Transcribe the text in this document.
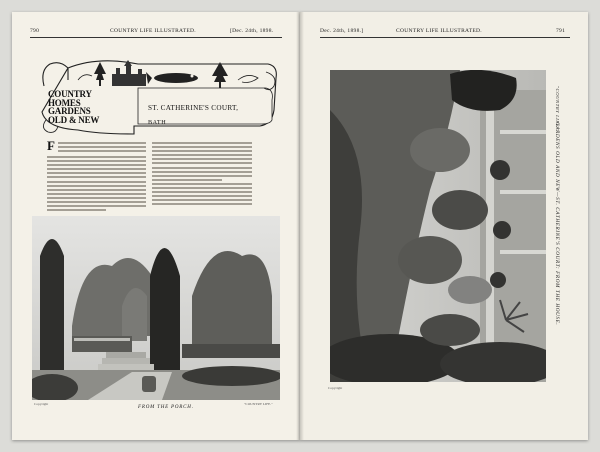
790	COUNTRY LIFE ILLUSTRATED.	[Dec. 24th, 1898.
COUNTRY
HOMES
GARDENS
OLD & NEW
ST. CATHERINE'S COURT,
BATH
F
Copyright
FROM THE PORCH.
"COUNTRY LIFE."
Dec. 24th, 1898.]	COUNTRY LIFE ILLUSTRATED.	791
Copyright
"COUNTRY LIFE."
GARDENS OLD AND NEW—ST. CATHERINE'S COURT: FROM THE HOUSE.
